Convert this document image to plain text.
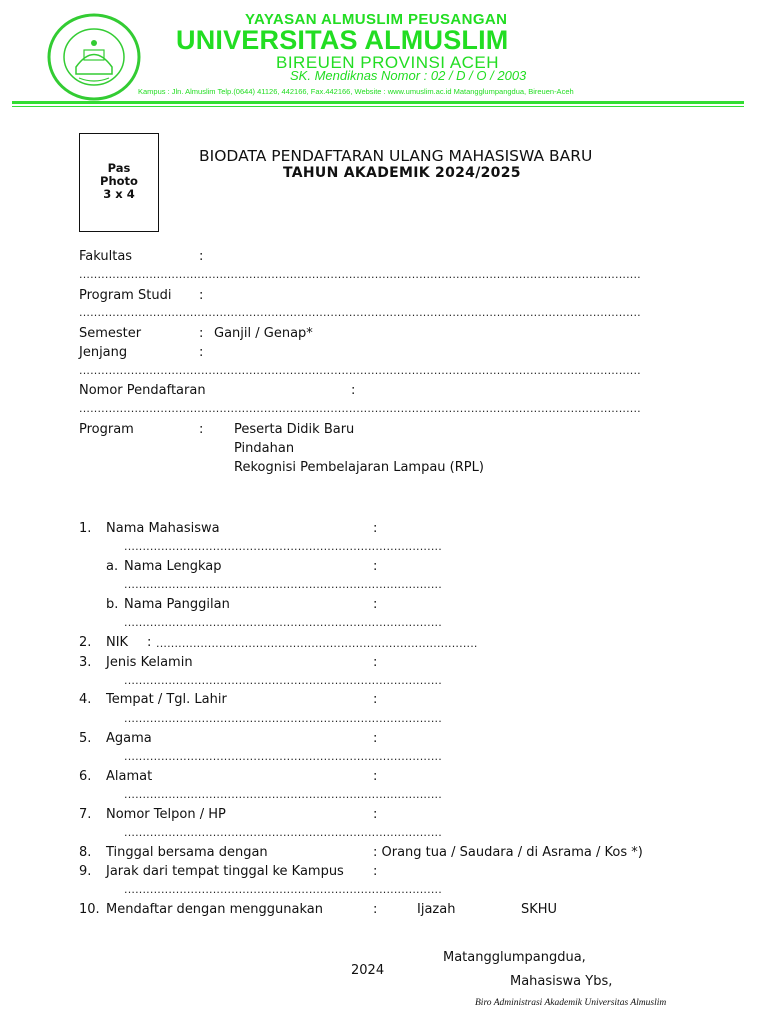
YAYASAN ALMUSLIM PEUSANGAN
UNIVERSITAS ALMUSLIM
BIREUEN PROVINSI ACEH
SK. Mendiknas Nomor : 02 / D / O / 2003
Kampus : Jln. Almuslim Telp.(0644) 41126, 442166, Fax.442166, Website : www.umuslim.ac.id Matangglumpangdua, Bireuen-Aceh
Pas
Photo
3 x 4
BIODATA PENDAFTARAN ULANG MAHASISWA BARU
TAHUN AKADEMIK 2024/2025
Fakultas	:
........................................................................................................................................................
Program Studi :
........................................................................................................................................................
Semester	: Ganjil / Genap*
Jenjang	:
........................................................................................................................................................
Nomor Pendaftaran	:
........................................................................................................................................................
Program	: Peserta Didik Baru
Pindahan
Rekognisi Pembelajaran Lampau (RPL)
1. Nama Mahasiswa	:
......................................................................................
a. Nama Lengkap	:
......................................................................................
b. Nama Panggilan	:
......................................................................................
2. NIK : .......................................................................................
3. Jenis Kelamin	:
......................................................................................
4. Tempat / Tgl. Lahir	:
......................................................................................
5. Agama	:
......................................................................................
6. Alamat	:
......................................................................................
7. Nomor Telpon / HP	:
......................................................................................
8. Tinggal bersama dengan	: Orang tua / Saudara / di Asrama / Kos *)
9. Jarak dari tempat tinggal ke Kampus :
......................................................................................
10. Mendaftar dengan menggunakan	:	Ijazah	SKHU
Matangglumpangdua,
2024
Mahasiswa Ybs,
Biro Administrasi Akademik Universitas Almuslim
